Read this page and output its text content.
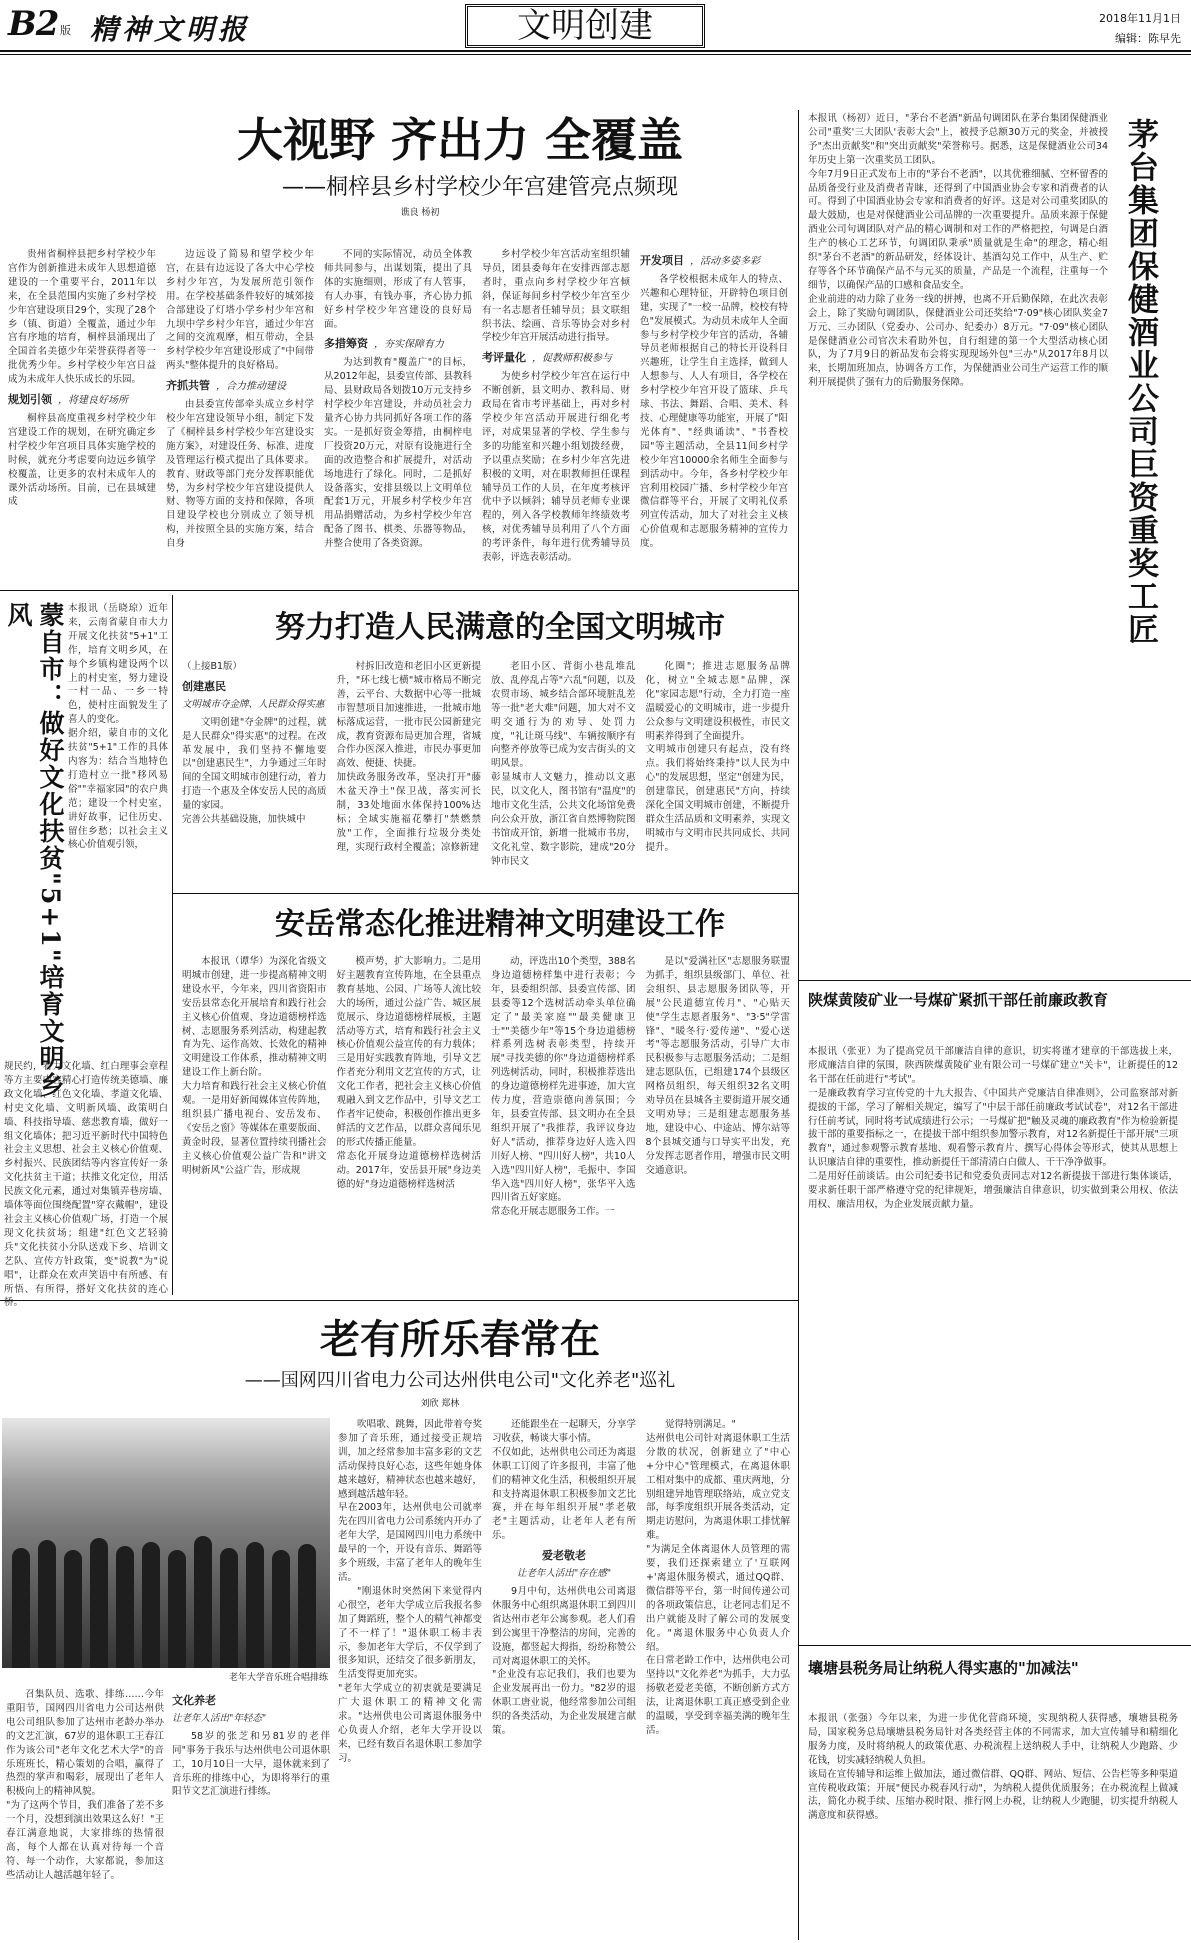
B2 版 精神文明报	文明创建	2018年11月1日
编辑：陈早先
大视野 齐出力 全覆盖
——桐梓县乡村学校少年宫建管亮点频现
谯良 杨初

贵州省桐梓县把乡村学校少年宫作为创新推进未成年人思想道德建设的一个重要平台，2011年以来，在全县范围内实施了乡村学校少年宫建设项目29个，实现了28个乡（镇、街道）全覆盖，通过少年宫有序地的培育，桐梓县涌现出了全国首名美德少年荣誉获得者等一批优秀少年。乡村学校少年宫日益成为未成年人快乐成长的乐园。

规划引领 ，将建良好场所

桐梓县高度重视乡村学校少年宫建设工作的规划，在研究确定乡村学校少年宫项目具体实施学校的时候，就充分考虑要向边远乡镇学校覆盖，让更多的农村未成年人的课外活动场所。目前，已在县城建成

边远设了简易和望学校少年宫，在县有边远设了各大中心学校乡村少年宫，为发展所范引领作用。在学校基础条件较好的城郊接合部建设了灯塔小学乡村少年宫和九坝中学乡村少年宫，通过少年宫之间的交流观摩，相互带动，全县乡村学校少年宫建设形成了"中间带两头"整体提升的良好格局。

齐抓共管 ，合力推动建设

由县委宣传部牵头成立乡村学校少年宫建设领导小组，制定下发了《桐梓县乡村学校少年宫建设实施方案》，对建设任务、标准、进度及管理运行模式提出了具体要求。教育、财政等部门充分发挥职能优势，为乡村学校少年宫建设提供人财、物等方面的支持和保障，各项目建设学校也分别成立了领导机构，并按照全县的实施方案，结合自身

不同的实际情况，动员全体教师共同参与，出谋划策，提出了具体的实施细则，形成了有人管事，有人办事，有钱办事，齐心协力抓好乡村学校少年宫建设的良好局面。

多措筹资 ，夯实保障有力

为达到教育"覆盖广"的目标，从2012年起，县委宣传部、县教科局、县财政局各划拨10万元支持乡村学校少年宫建设，并动员社会力量齐心协力共同抓好各项工作的落实。一是抓好资金筹措，由桐梓电厂投资20万元，对原有设施进行全面的改造整合和扩展提升，对活动场地进行了绿化。同时，二是抓好设备落实，安排县级以上文明单位配套1万元，开展乡村学校少年宫用品捐赠活动，为乡村学校少年宫配备了图书、棋类、乐器等物品，并整合使用了各类资源。

乡村学校少年宫活动室组织辅导员，团县委每年在安排西部志愿者时，重点向乡村学校少年宫倾斜，保证每间乡村学校少年宫至少有一名志愿者任辅导员；县文联组织书法、绘画、音乐等协会对乡村学校少年宫开展活动进行指导。

考评量化 ，促教师积极参与

为使乡村学校少年宫在运行中不断创新，县文明办、教科局、财政局在省市考评基础上，再对乡村学校少年宫活动开展进行细化考评，对成果显著的学校、学生参与多的功能室和兴趣小组划拨经费，予以重点奖励；在乡村少年宫先进积极的文明，对在职教师担任课程辅导员工作的人员，在年度考核评优中予以倾斜；辅导员老师专业课程的，列入各学校教师年终绩效考核，对优秀辅导员利用了八个方面的考评条件，每年进行优秀辅导员表彰，评选表彰活动。

开发项目 ，活动多姿多彩

各学校根据未成年人的特点、兴趣和心理特征，开辟特色项目创建，实现了"一校一品牌，校校有特色"发展模式。为动员未成年人全面参与乡村学校少年宫的活动，各辅导员老师根据自己的特长开设科目兴趣班，让学生自主选择，做到人人想参与、人人有项目，各学校在乡村学校少年宫开设了篮球、乒乓球、书法、舞蹈、合唱、美术、科技、心理健康等功能室，开展了"阳光体育"、"经典诵读"、"书香校园"等主题活动，全县11间乡村学校少年宫10000余名师生全面参与到活动中。今年，各乡村学校少年宫利用校园广播、乡村学校少年宫微信群等平台，开展了文明礼仪系列宣传活动，加大了对社会主义核心价值观和志愿服务精神的宣传力度。	茅台集团保健酒业公司巨资重奖工匠
本报讯（杨初）近日，"茅台不老酒"新品句调团队在茅台集团保健酒业公司"重奖'三大团队'表彰大会"上，被授予总额30万元的奖金，并被授予"杰出贡献奖"和"突出贡献奖"荣誉称号。据悉，这是保健酒业公司34年历史上第一次重奖员工团队。
今年7月9日正式发布上市的"茅台不老酒"，以其优雅细腻、空杯留香的品质备受行业及消费者青睐，还得到了中国酒业协会专家和消费者的认可。得到了中国酒业协会专家和消费者的好评。这是对公司重奖团队的最大鼓励，也是对保健酒业公司品牌的一次重要提升。品质来源于保健酒业公司句调团队对产品的精心调制和对工作的严格把控，句调是白酒生产的核心工艺环节，句调团队秉承"质量就是生命"的理念，精心组织"茅台不老酒"的新品研发，经体设计、基酒勾兑工作中，从生产、贮存等各个环节确保产品不与元买的质量，产品是一个流程，注重每一个细节，以确保产品的口感和食品安全。
企业前进的动力除了业务一线的拼搏，也离不开后勤保障，在此次表彰会上，除了奖励句调团队，保健酒业公司还奖给"7·09"核心团队奖金7万元、三办团队（党委办、公司办、纪委办）8万元。"7·09"核心团队是保健酒业公司官次未看助外包，自行组建的第一个大型活动核心团队，为了7月9日的新品发布会将实现现场外包"三办"从2017年8月以来，长期加班加点，协调各方工作，为保健酒业公司生产运营工作的顺利开展提供了强有力的后勤服务保障。
蒙自市：做好文化扶贫"5+1"培育文明乡风	本报讯（岳晓琼）近年来，云南省蒙自市大力开展文化扶贫"5+1"工作，培育文明乡风，在每个乡镇构建设两个以上的村史室，努力建设一村一品、一乡一特色，使村庄面貌发生了喜人的变化。
据介绍，蒙自市的文化扶贫"5+1"工作的具体内容为：结合当地特色打造村立一批"移风易俗""幸福家园"的农户典范；建设一个村史室，讲好故事，记住历史、留住乡愁；以社会主义核心价值观引领，
规民约，着力文化墙、红白理事会章程等方主要内容精心打造传统美德墙、廉政文化墙、红色文化墙、孝道文化墙、村史文化墙、文明新风墙、政策明白墙、科技指导墙、慈悲教育墙，做好一组文化墙体；把习近平新时代中国特色社会主义思想、社会主义核心价值观、乡村振兴、民族团结等内容宣传好一条文化扶贫主干道；扶推文化定位，用活民族文化元素，通过对集镇弄巷房墙、墙体等面位围绕配置"穿衣戴帽"，建设社会主义核心价值观广场，打造一个展现文化扶贫场；组建"红色文艺轻骑兵"文化扶贫小分队送戏下乡、培训文艺队、宣传方针政策，变"说教"为"说唱"，让群众在欢声笑语中有所感、有所悟、有所得，搭好文化扶贫的连心桥。
努力打造人民满意的全国文明城市
（上接B1版）
创建惠民
文明城市夺金牌、人民群众得实惠

文明创建"夺金牌"的过程，就是人民群众"得实惠"的过程。在改革发展中，我们坚持不懈地要以"创建惠民生"，力争通过三年时间的全国文明城市创建行动，着力打造一个惠及全体安岳人民的高质量的家园。
完善公共基础设施，加快城中

村拆旧改造和老旧小区更新提升，"环七线七横"城市格局不断完善，云平台、大数据中心等一批城市智慧项目加速推进，一批城市地标落成运营，一批市民公园新建完成，教育资源布局更加合理，省城合作办医深入推进，市民办事更加高效、便捷、快捷。
加快政务服务改革，坚决打开"藤木盆天净土"保卫战，落实河长制，33处地面水体保持100%达标；全域实施福花攀打"禁燃禁放"工作，全面推行垃圾分类处理，实现行政村全覆盖；凉修新建

老旧小区、背街小巷乱堆乱放、乱停乱占等"六乱"问题，以及农贸市场、城乡结合部环境脏乱差等一批"老大难"问题，加大对不文明交通行为的劝导、处罚力度，"礼让斑马线"、车辆按顺序有向整齐停放等已成为安吉街头的文明风景。
彰显城市人文魅力，推动以文惠民，以文化人，图书馆有"温度"的地市文化生活，公共文化场馆免费向公众开放，浙江省自然博物院图书馆成开馆，新增一批城市书房，文化礼堂、数字影院，建成"20分钟市民文

化圈"；推进志愿服务品牌化，树立"全城志愿"品牌，深化"家园志愿"行动，全力打造一座温暖爱心的文明城市，进一步提升公众参与文明建设积极性，市民文明素养得到了全面提升。
文明城市创建只有起点，没有终点。我们将始终秉持"以人民为中心"的发展思想，坚定"创建为民，创建靠民，创建惠民"方向，持续深化全国文明城市创建，不断提升群众生活品质和文明素养，实现文明城市与文明市民共同成长、共同提升。

安岳常态化推进精神文明建设工作

本报讯（谭华）为深化省级文明城市创建，进一步提高精神文明建设水平，今年来，四川省资阳市安岳县常态化开展培育和践行社会主义核心价值观、身边道德榜样选树、志愿服务系列活动，构建起教育为先、运作高效、长效化的精神文明建设工作体系，推动精神文明建设工作上新台阶。
大力培育和践行社会主义核心价值观。一是用好新闻媒体宣传阵地，组织县广播电视台、安岳发布、《安岳之窗》等媒体在重要版面、黄金时段，显著位置持续刊播社会主义核心价值观公益广告和"讲文明树新风"公益广告，形成规

模声势，扩大影响力。二是用好主题教育宣传阵地，在全县重点教育基地、公园、广场等人流比较大的场所，通过公益广告、城区展览展示、身边道德榜样展板，主题活动等方式，培育和践行社会主义核心价值观公益宣传的有力载体；三是用好实践教育阵地，引导文艺作者充分利用文艺宣传的方式，让文化工作者，把社会主义核心价值观融入到文艺作品中，引导文艺工作者牢记使命，积极创作推出更多鲜活的文艺作品，以群众喜闻乐见的形式传播正能量。
常态化开展身边道德榜样选树活动。2017年，安岳县开展"身边美德的好"身边道德榜样选树活

动，评选出10个类型，388名身边道德榜样集中进行表彰；今年，县委组织部、县委宣传部、团县委等12个选树活动牵头单位确定了"最美家庭""最美健康卫士""美德少年"等15个身边道德榜样系列选树表彰类型，持续开展"寻找美德的你"身边道德榜样系列选树活动，同时，积极推荐选出的身边道德榜样先进事迹，加大宣传力度，营造崇德向善氛围；今年，县委宣传部、县文明办在全县组织开展了"我推荐，我评议身边好人"活动，推荐身边好人选入四川好人榜、"四川好人榜"，共10人入选"四川好人榜"，毛振中、李国华入选"四川好人榜"，张华平入选四川省五好家庭。
常态化开展志愿服务工作。一

是以"爱满社区"志愿服务联盟为抓手，组织县级部门、单位、社会组织、县志愿服务团队等，开展"公民道德宣传月"、"心贴天使"学生志愿者服务"、"3·5"学雷锋"、"暖冬行·爱传递"、"爱心送考"等志愿服务活动，引导广大市民积极参与志愿服务活动；二是组建志愿队伍，已组建174个县级区网格员组织，每天组织32名文明劝导员在县城各主要街道开展交通文明劝导；三是组建志愿服务基地，建设中心、中途站、博尔站等8个县城交通与口导实平出发，充分发挥志愿者作用，增强市民文明交通意识。

陕煤黄陵矿业一号煤矿紧抓干部任前廉政教育
本报讯（张亚）为了提高党员干部廉洁自律的意识，切实将谨才建章的干部选拔上来，形成廉洁自律的氛围，陕西陕煤黄陵矿业有限公司一号煤矿建立"关卡"，让新提任的12名干部在任前进行"考试"。
一是廉政教育学习宣传党的十九大报告、《中国共产党廉洁自律准则》，公司监察部对新提拔的干部，学习了解相关规定，编写了"中层干部任前廉政考试试卷"，对12名干部进行任前考试，同时将考试成绩进行公示；一号煤矿把"触及灵魂的廉政教育"作为检验新提拔干部的重要指标之一，在提拔干部中组织参加警示教育，对12名新提任干部开展"三项教育"，通过参观警示教育基地、观看警示教育片、撰写心得体会等形式，使其从思想上认识廉洁自律的重要性，推动新提任干部清清白白做人、干干净净做事。
二是用好任前谈话。由公司纪委书记和党委负责同志对12名新提拔干部进行集体谈话，要求新任职干部严格遵守党的纪律规矩，增强廉洁自律意识，切实做到秉公用权、依法用权、廉洁用权，为企业发展贡献力量。
壤塘县税务局让纳税人得实惠的"加减法"
本报讯（张强）今年以来，为进一步优化营商环境，实现纳税人获得感，壤塘县税务局，国家税务总局壤塘县税务局针对各类经营主体的不同需求，加大宣传辅导和精细化服务力度，及时将纳税人的政策优惠、办税流程上送纳税人手中，让纳税人少跑路、少花钱，切实减轻纳税人负担。
该局在宣传辅导和运维上做加法，通过微信群、QQ群、网站、短信、公告栏等多种渠道宣传税收政策；开展"便民办税春风行动"，为纳税人提供优质服务；在办税流程上做减法，简化办税手续、压缩办税时限、推行网上办税，让纳税人少跑腿，切实提升纳税人满意度和获得感。
老有所乐春常在
——国网四川省电力公司达州供电公司"文化养老"巡礼
刘欣 郑林
老年大学音乐班合唱排练

召集队员、选歌、排练……今年重阳节，国网四川省电力公司达州供电公司组队参加了达州市老龄办举办的文艺汇演，67岁的退休职工王春江作为该公司"老年文化艺术大学"的音乐班班长，精心策划的合唱，赢得了热烈的掌声和喝彩，展现出了老年人积极向上的精神风貌。
"为了这两个节目，我们准备了差不多一个月，没想到演出效果这么好！"王春江满意地说，大家排练的热情很高，每个人都在认真对待每一个音符、每一个动作，大家都说，参加这些活动让人越活越年轻了。

文化养老
让老年人活出"年轻态"

58岁的张芝和另81岁的老伴同"事务于我乐与达州供电公司退休职工，10月10日一大早，退休就来到了音乐班的排练中心，为即将举行的重阳节文艺汇演进行排练。

吹唱歌、跳舞，因此带着夸奖参加了音乐班，通过接受正规培训，加之经常参加丰富多彩的文艺活动保持良好心态，这些年她身体越来越好，精神状态也越来越好，感到越活越年轻。
早在2003年，达州供电公司就率先在四川省电力公司系统内开办了老年大学，是国网四川电力系统中最早的一个，开设有音乐、舞蹈等多个班级，丰富了老年人的晚年生活。

"刚退休时突然闲下来觉得内心很空，老年大学成立后我报名参加了舞蹈班，整个人的精气神都变了不一样了！"退休职工杨丰表示，参加老年大学后，不仅学到了很多知识，还结交了很多新朋友，生活变得更加充实。
"老年大学成立的初衷就是要满足广大退休职工的精神文化需求。"达州供电公司离退休服务中心负责人介绍，老年大学开设以来，已经有数百名退休职工参加学习。

还能跟坐在一起聊天，分享学习收获，畅谈大事小情。
不仅如此，达州供电公司还为离退休职工订阅了许多报刊，丰富了他们的精神文化生活，积极组织开展和支持离退休职工积极参加文艺比赛，并在每年组织开展"孝老敬老"主题活动，让老年人老有所乐。

爱老敬老
让老年人活出"存在感"

9月中旬，达州供电公司离退休服务中心组织离退休职工到四川省达州市老年公寓参观。老人们看到公寓里干净整洁的房间，完善的设施，都竖起大拇指，纷纷称赞公司对离退休职工的关怀。
"企业没有忘记我们，我们也要为企业发展再出一份力。"82岁的退休职工唐业说，他经常参加公司组织的各类活动，为企业发展建言献策。

觉得特别满足。"
达州供电公司针对离退休职工生活分散的状况，创新建立了"中心+分中心"管理模式，在离退休职工相对集中的成都、重庆两地，分别组建异地管理联络站，成立党支部，每季度组织开展各类活动，定期走访慰问，为离退休职工排忧解难。
"为满足全体离退休人员管理的需要，我们还探索建立了'互联网+'离退休服务模式，通过QQ群、微信群等平台，第一时间传递公司的各项政策信息，让老同志们足不出户就能及时了解公司的发展变化。"离退休服务中心负责人介绍。
在日常老龄工作中，达州供电公司坚持以"文化养老"为抓手，大力弘扬敬老爱老美德，不断创新方式方法，让离退休职工真正感受到企业的温暖，享受到幸福美满的晚年生活。
